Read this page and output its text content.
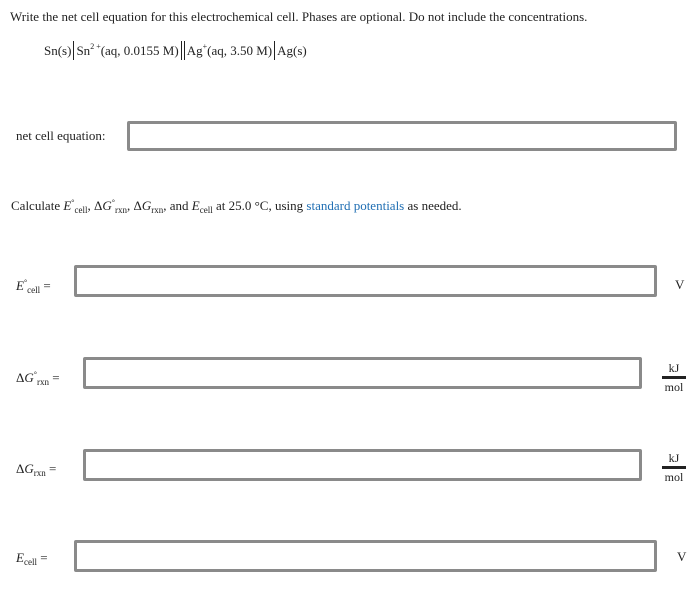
Write the net cell equation for this electrochemical cell. Phases are optional. Do not include the concentrations.
Sn(s) $Sn^{2 +}(aq$, 0.0155 M) Ag+(aq, 3.50 M) Ag(s)
net cell equation:
Calculate $E^\circ_{cell}$, $\Delta G^\circ_{rxn}$, $\Delta G_{rxn}$, and $E_{cell}$ at 25.0 °C, using standard potentials as needed.
$E^\circ_{cell}$ =	V
$\Delta G^\circ_{rxn}$ =
kJ
mol
$\Delta G_{rxn}$ =
kJ
mol
$E_{cell}$ =	V
